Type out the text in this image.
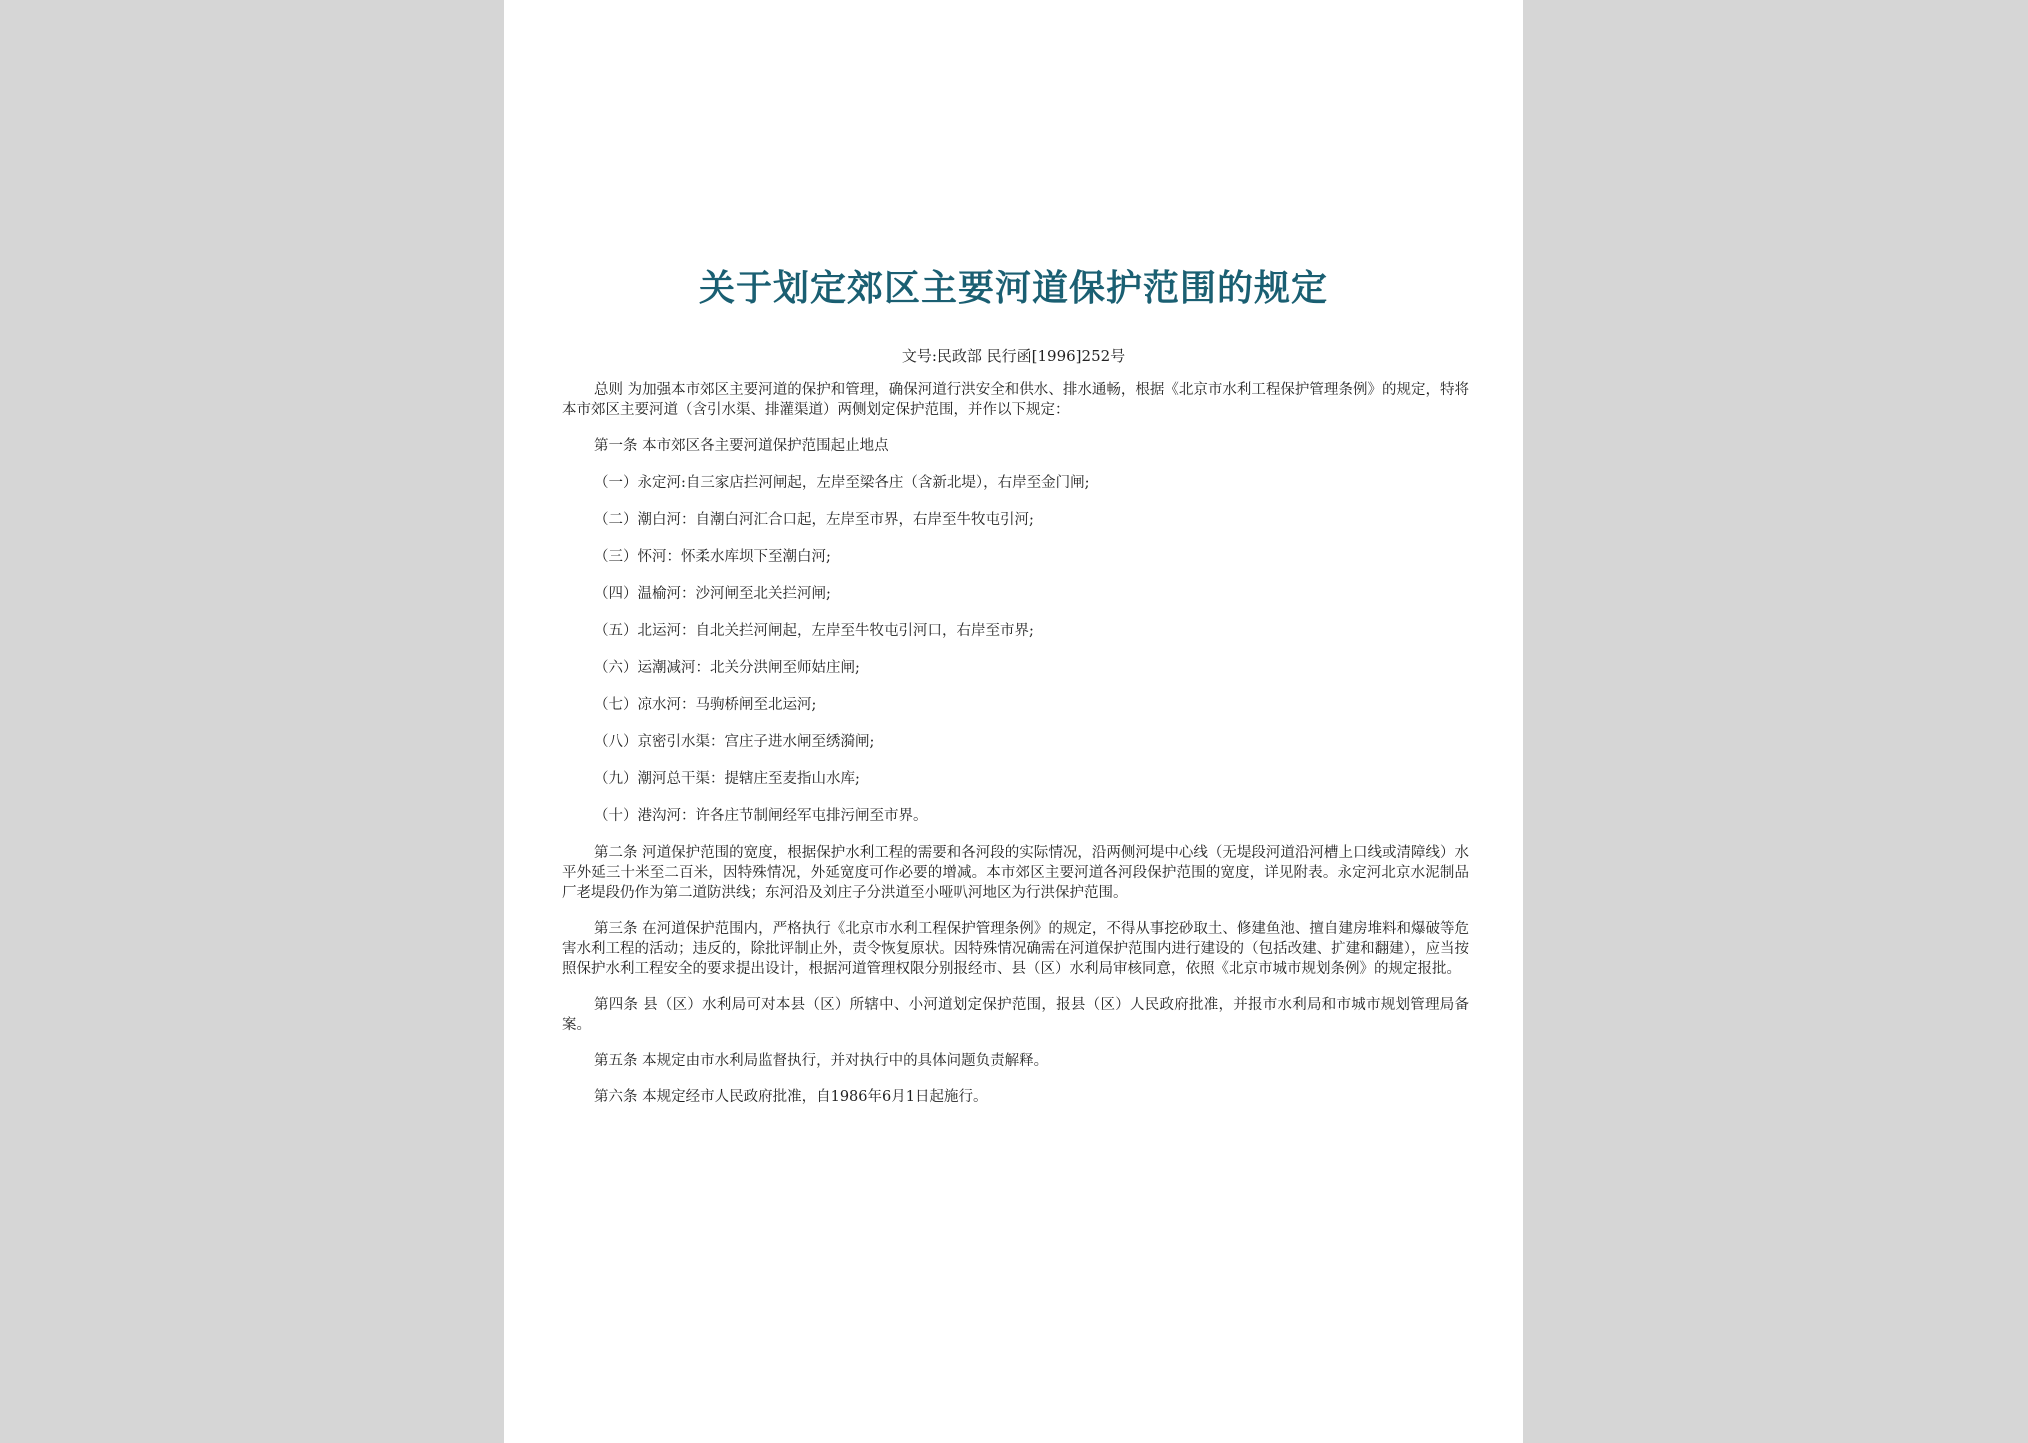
关于划定郊区主要河道保护范围的规定
文号:民政部 民行函[1996]252号

总则 为加强本市郊区主要河道的保护和管理，确保河道行洪安全和供水、排水通畅，根据《北京市水利工程保护管理条例》的规定，特将本市郊区主要河道（含引水渠、排灌渠道）两侧划定保护范围，并作以下规定：

第一条 本市郊区各主要河道保护范围起止地点
（一）永定河:自三家店拦河闸起，左岸至梁各庄（含新北堤），右岸至金门闸;
（二）潮白河：自潮白河汇合口起，左岸至市界，右岸至牛牧屯引河;
（三）怀河：怀柔水库坝下至潮白河;
（四）温榆河：沙河闸至北关拦河闸;
（五）北运河：自北关拦河闸起，左岸至牛牧屯引河口，右岸至市界;
（六）运潮减河：北关分洪闸至师姑庄闸;
（七）凉水河：马驹桥闸至北运河;
（八）京密引水渠：宫庄子进水闸至绣漪闸;
（九）潮河总干渠：提辖庄至麦指山水库;
（十）港沟河：许各庄节制闸经军屯排污闸至市界。

第二条 河道保护范围的宽度，根据保护水利工程的需要和各河段的实际情况，沿两侧河堤中心线（无堤段河道沿河槽上口线或清障线）水平外延三十米至二百米，因特殊情况，外延宽度可作必要的增减。本市郊区主要河道各河段保护范围的宽度，详见附表。永定河北京水泥制品厂老堤段仍作为第二道防洪线；东河沿及刘庄子分洪道至小哑叭河地区为行洪保护范围。

第三条 在河道保护范围内，严格执行《北京市水利工程保护管理条例》的规定，不得从事挖砂取土、修建鱼池、擅自建房堆料和爆破等危害水利工程的活动；违反的，除批评制止外，责令恢复原状。因特殊情况确需在河道保护范围内进行建设的（包括改建、扩建和翻建），应当按照保护水利工程安全的要求提出设计，根据河道管理权限分别报经市、县（区）水利局审核同意，依照《北京市城市规划条例》的规定报批。

第四条 县（区）水利局可对本县（区）所辖中、小河道划定保护范围，报县（区）人民政府批准，并报市水利局和市城市规划管理局备案。

第五条 本规定由市水利局监督执行，并对执行中的具体问题负责解释。

第六条 本规定经市人民政府批准，自1986年6月1日起施行。
